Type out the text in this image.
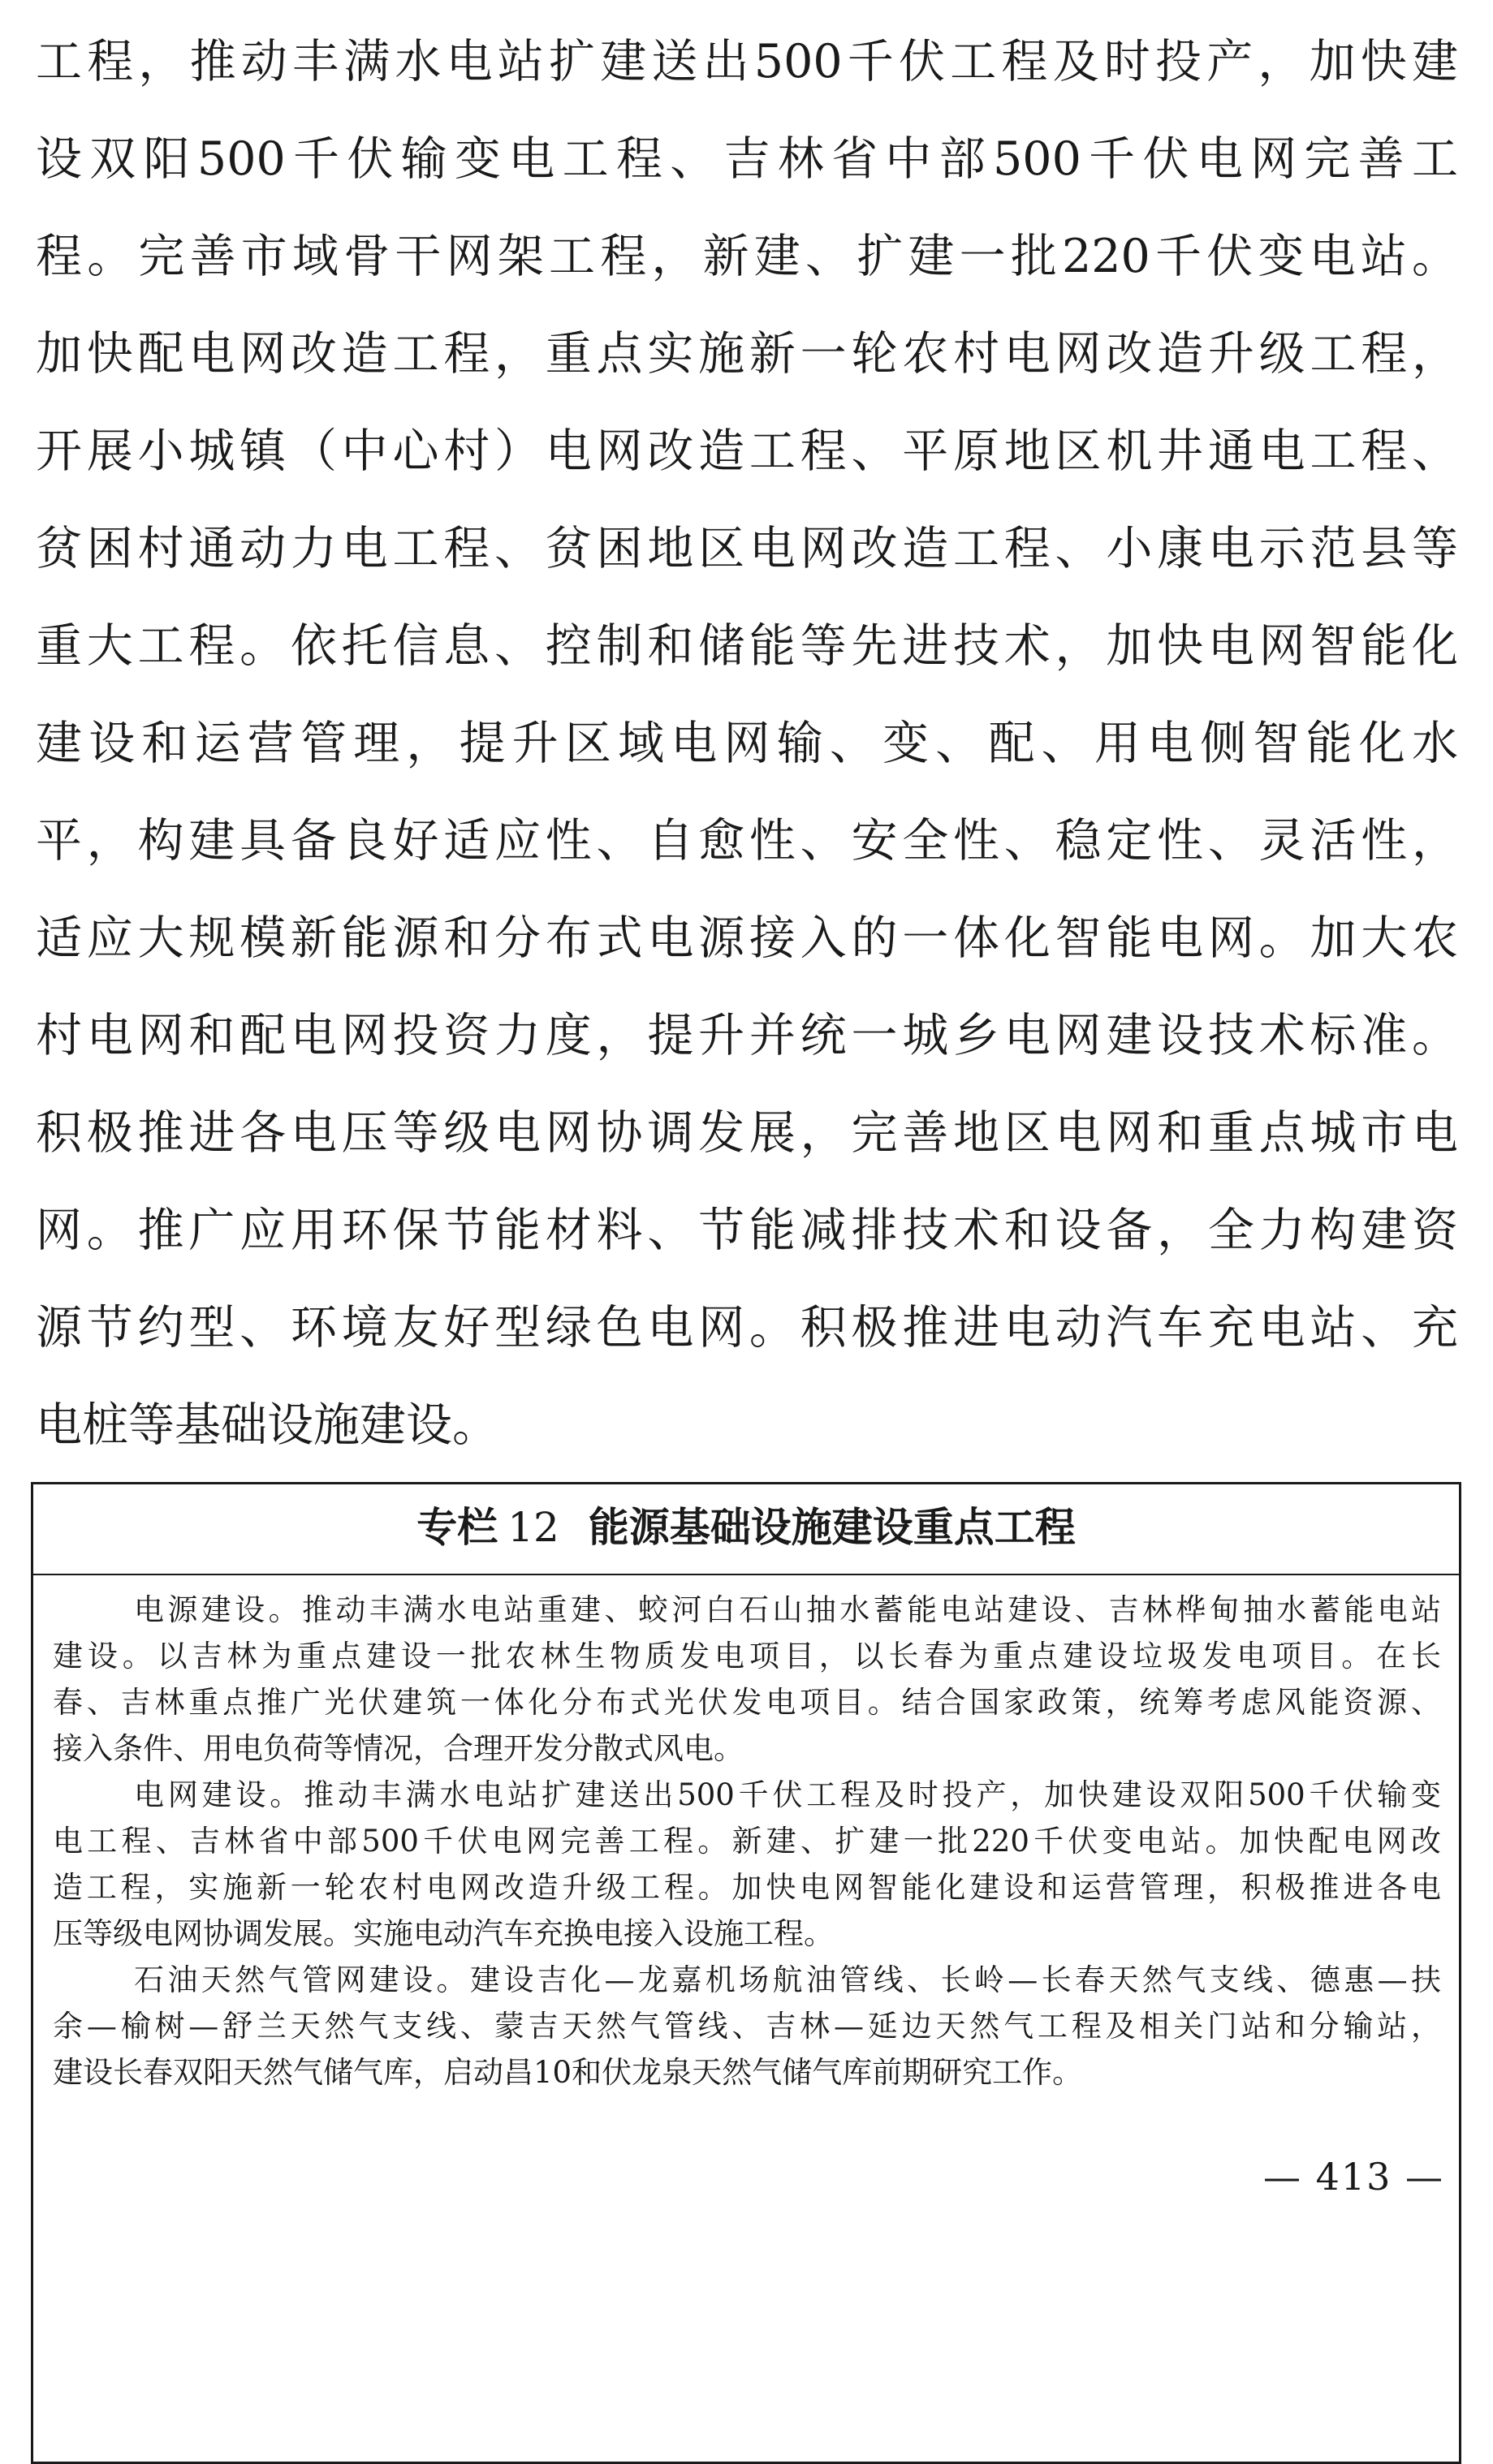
工程，推动丰满水电站扩建送出500千伏工程及时投产，加快建
设双阳500千伏输变电工程、吉林省中部500千伏电网完善工
程。完善市域骨干网架工程，新建、扩建一批220千伏变电站。
加快配电网改造工程，重点实施新一轮农村电网改造升级工程，
开展小城镇（中心村）电网改造工程、平原地区机井通电工程、
贫困村通动力电工程、贫困地区电网改造工程、小康电示范县等
重大工程。依托信息、控制和储能等先进技术，加快电网智能化
建设和运营管理，提升区域电网输、变、配、用电侧智能化水
平，构建具备良好适应性、自愈性、安全性、稳定性、灵活性，
适应大规模新能源和分布式电源接入的一体化智能电网。加大农
村电网和配电网投资力度，提升并统一城乡电网建设技术标准。
积极推进各电压等级电网协调发展，完善地区电网和重点城市电
网。推广应用环保节能材料、节能减排技术和设备，全力构建资
源节约型、环境友好型绿色电网。积极推进电动汽车充电站、充
电桩等基础设施建设。
专栏 12 能源基础设施建设重点工程
电源建设。推动丰满水电站重建、蛟河白石山抽水蓄能电站建设、吉林桦甸抽水蓄能电站
建设。以吉林为重点建设一批农林生物质发电项目，以长春为重点建设垃圾发电项目。在长
春、吉林重点推广光伏建筑一体化分布式光伏发电项目。结合国家政策，统筹考虑风能资源、
接入条件、用电负荷等情况，合理开发分散式风电。
电网建设。推动丰满水电站扩建送出500千伏工程及时投产，加快建设双阳500千伏输变
电工程、吉林省中部500千伏电网完善工程。新建、扩建一批220千伏变电站。加快配电网改
造工程，实施新一轮农村电网改造升级工程。加快电网智能化建设和运营管理，积极推进各电
压等级电网协调发展。实施电动汽车充换电接入设施工程。
石油天然气管网建设。建设吉化—龙嘉机场航油管线、长岭—长春天然气支线、德惠—扶
余—榆树—舒兰天然气支线、蒙吉天然气管线、吉林—延边天然气工程及相关门站和分输站，
建设长春双阳天然气储气库，启动昌10和伏龙泉天然气储气库前期研究工作。
— 413 —
